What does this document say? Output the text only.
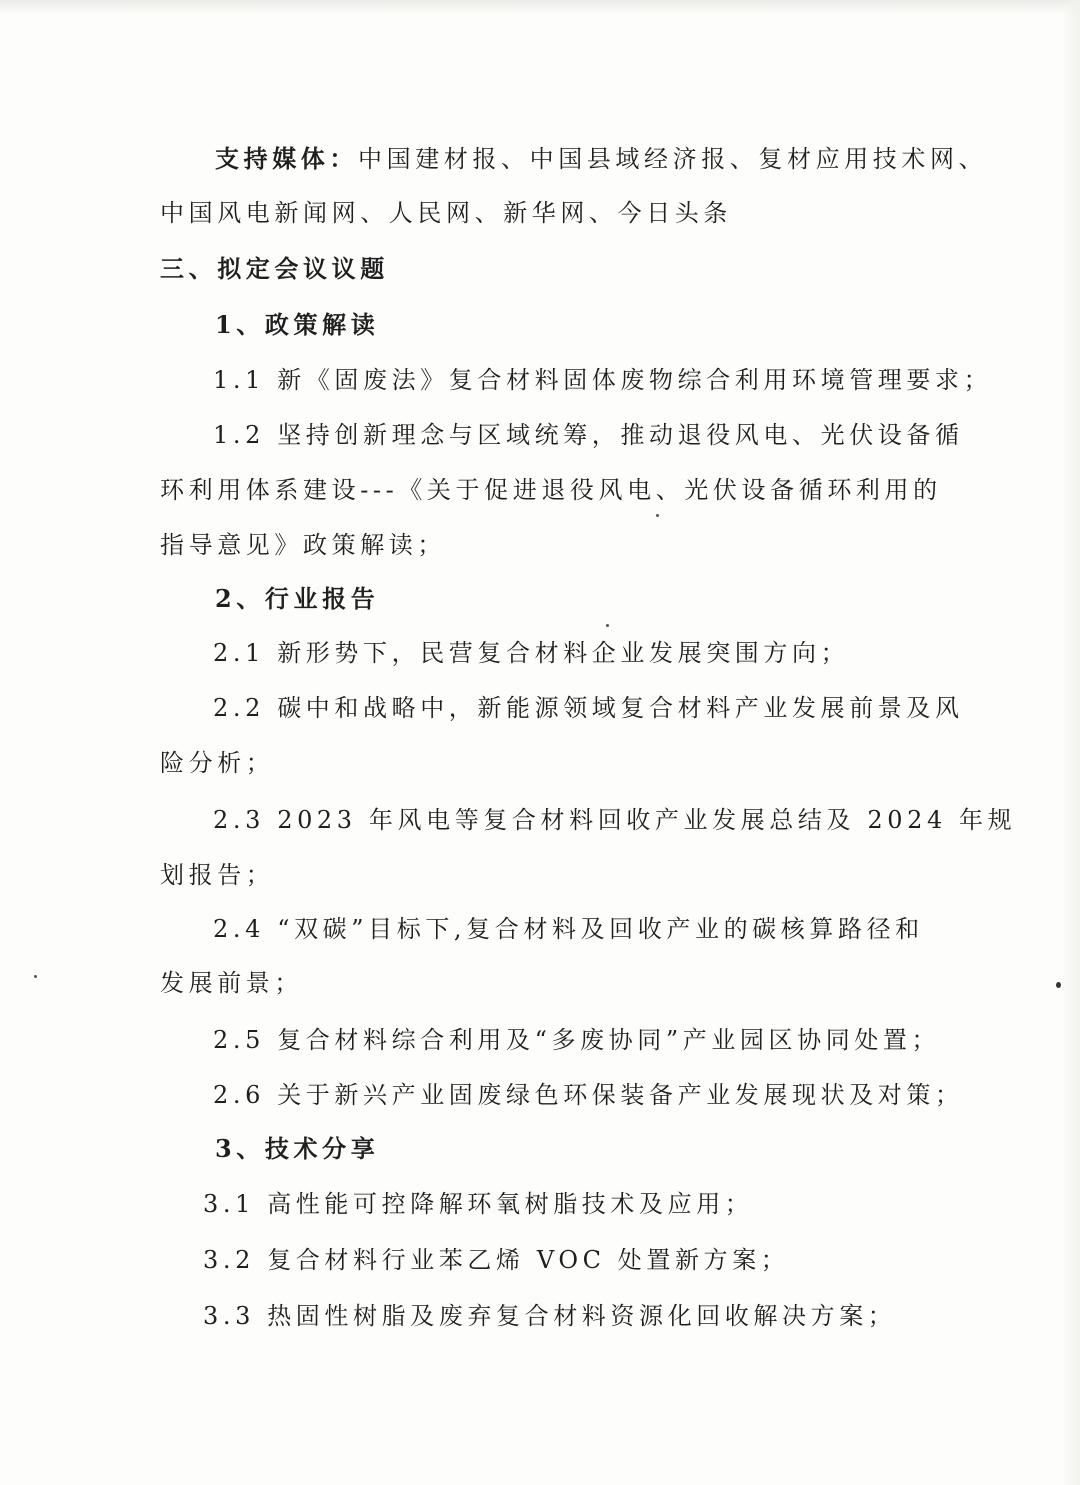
支持媒体：中国建材报、中国县域经济报、复材应用技术网、

中国风电新闻网、人民网、新华网、今日头条

三、拟定会议议题

1、政策解读

1.1 新《固废法》复合材料固体废物综合利用环境管理要求；

1.2 坚持创新理念与区域统筹，推动退役风电、光伏设备循

环利用体系建设---《关于促进退役风电、光伏设备循环利用的

指导意见》政策解读；

2、行业报告

2.1 新形势下，民营复合材料企业发展突围方向；

2.2 碳中和战略中，新能源领域复合材料产业发展前景及风

险分析；

2.3 2023 年风电等复合材料回收产业发展总结及 2024 年规

划报告；

2.4 “双碳”目标下,复合材料及回收产业的碳核算路径和

发展前景；

2.5 复合材料综合利用及“多废协同”产业园区协同处置；

2.6 关于新兴产业固废绿色环保装备产业发展现状及对策；

3、技术分享

3.1 高性能可控降解环氧树脂技术及应用；

3.2 复合材料行业苯乙烯 VOC 处置新方案；

3.3 热固性树脂及废弃复合材料资源化回收解决方案；
